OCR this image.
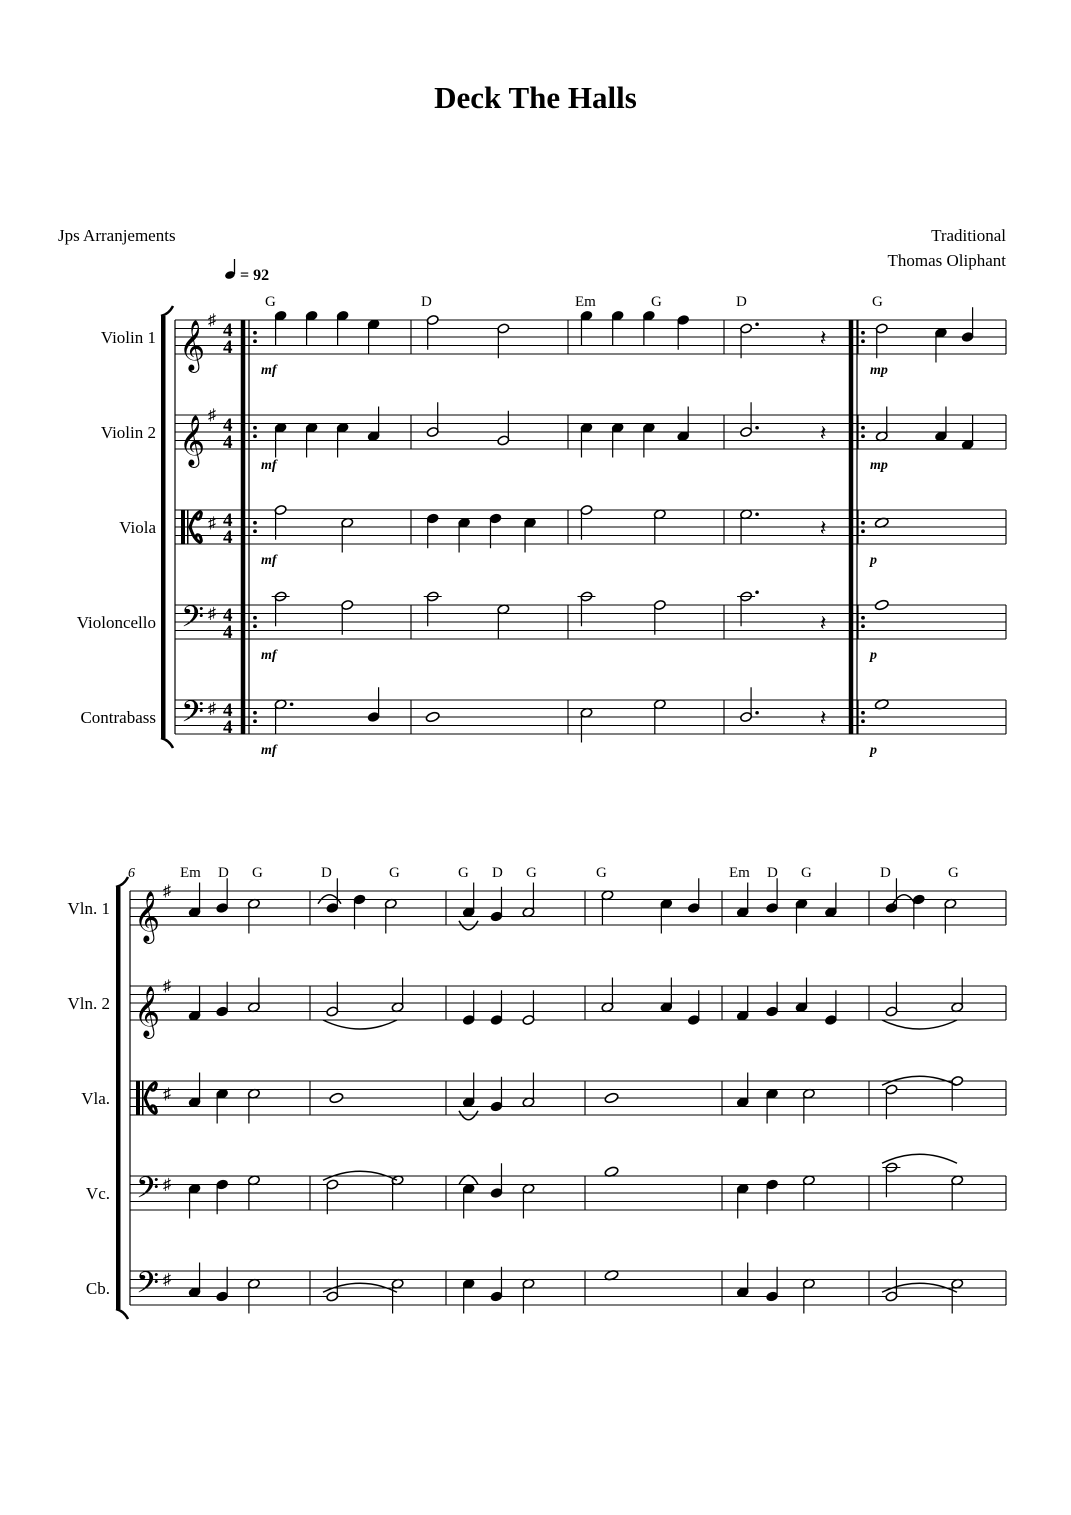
Deck The Halls
Jps Arranjements	Traditional
Thomas Oliphant
= 92
Violin 1 𝄞
♯ 4
4	𝄽
Violin 2 𝄞
♯ 4
4	𝄽
Viola	♯ 4
4	𝄽
Violoncello 𝄢 ♯ 4
4	𝄽
Contrabass 𝄢 ♯ 4
4	𝄽
G	D	Em	G	D	G
mf	mp
mf	mp
mf	p
mf	p
mf	p
Vln. 1 𝄞
♯
Vln. 2 𝄞
♯
Vla.	♯
Vc. 𝄢 ♯
Cb. 𝄢 ♯
6	Em D G	D	G	G D G	G	Em D G	D	G
